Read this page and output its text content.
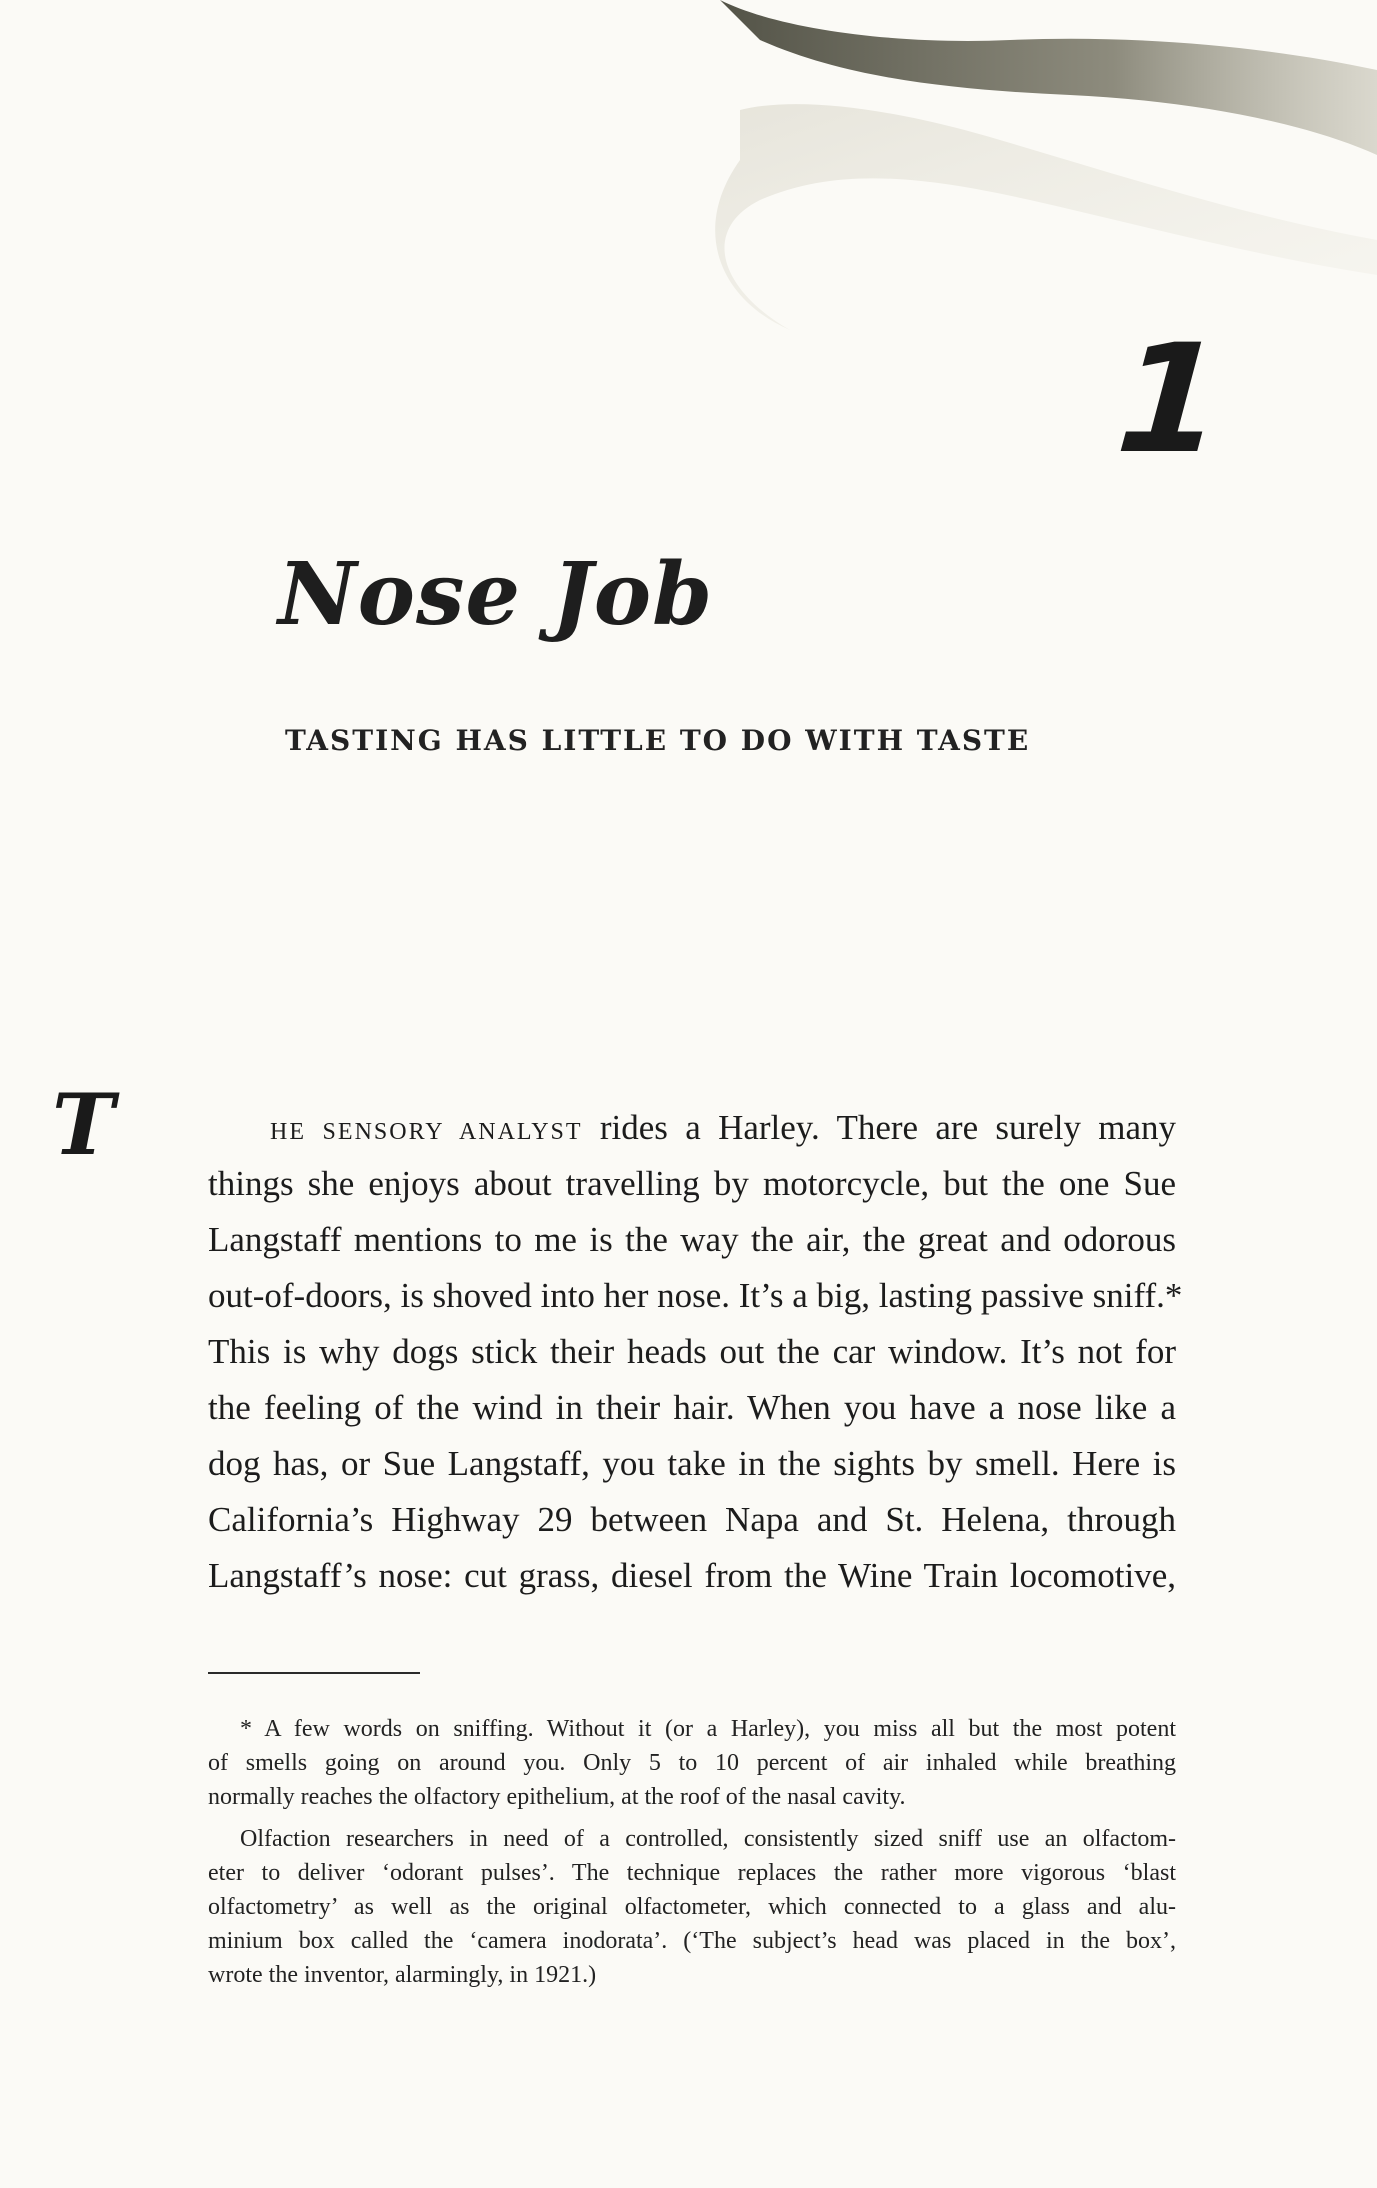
1
Nose Job
TASTING HAS LITTLE TO DO WITH TASTE
T	HE SENSORY ANALYST rides a Harley. There are surely many
things she enjoys about travelling by motorcycle, but the one Sue
Langstaff mentions to me is the way the air, the great and odorous
out-of-doors, is shoved into her nose. It’s a big, lasting passive sniff.*
This is why dogs stick their heads out the car window. It’s not for
the feeling of the wind in their hair. When you have a nose like a
dog has, or Sue Langstaff, you take in the sights by smell. Here is
California’s Highway 29 between Napa and St. Helena, through
Langstaff’s nose: cut grass, diesel from the Wine Train locomotive,
* A few words on sniffing. Without it (or a Harley), you miss all but the most potent
of smells going on around you. Only 5 to 10 percent of air inhaled while breathing
normally reaches the olfactory epithelium, at the roof of the nasal cavity.
Olfaction researchers in need of a controlled, consistently sized sniff use an olfactom-
eter to deliver ‘odorant pulses’. The technique replaces the rather more vigorous ‘blast
olfactometry’ as well as the original olfactometer, which connected to a glass and alu-
minium box called the ‘camera inodorata’. (‘The subject’s head was placed in the box’,
wrote the inventor, alarmingly, in 1921.)
